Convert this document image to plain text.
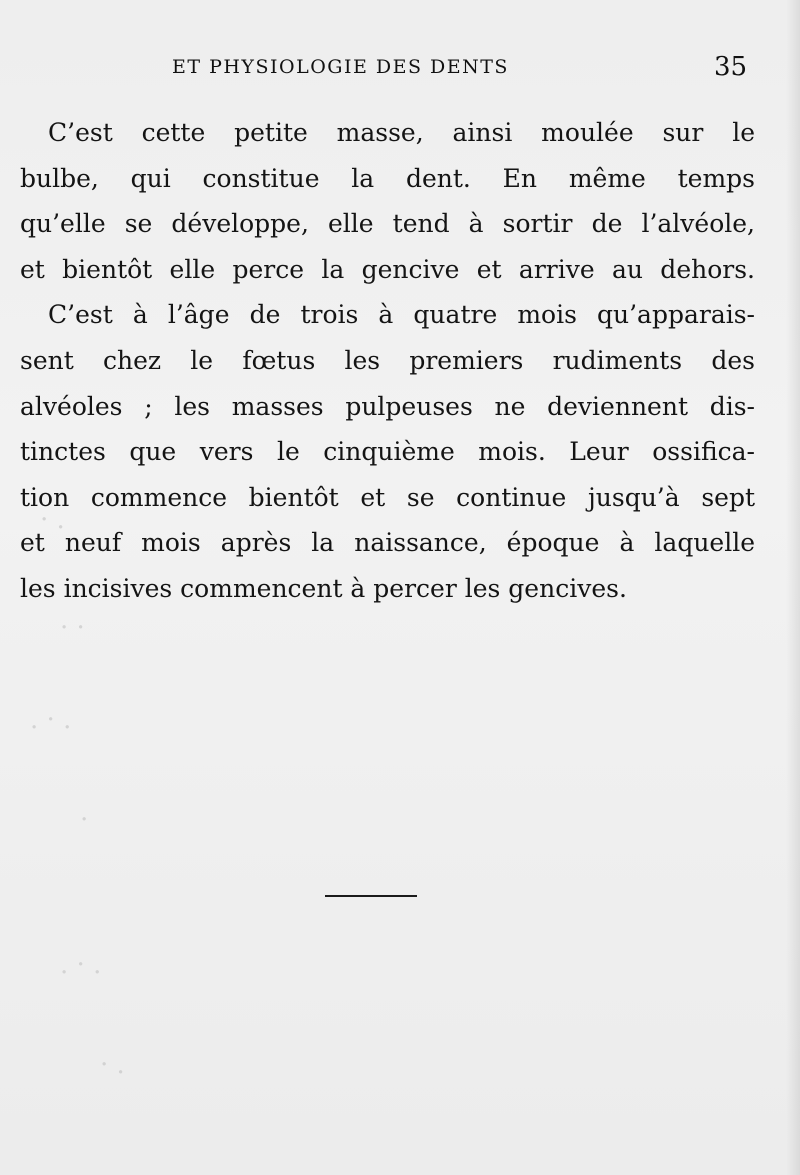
. ·
. .
. · .
·
. · .
. ·
ET PHYSIOLOGIE DES DENTS	35
C’est cette petite masse, ainsi moulée sur le
bulbe, qui constitue la dent. En même temps
qu’elle se développe, elle tend à sortir de l’alvéole,
et bientôt elle perce la gencive et arrive au dehors.
C’est à l’âge de trois à quatre mois qu’apparais-
sent chez le fœtus les premiers rudiments des
alvéoles ; les masses pulpeuses ne deviennent dis-
tinctes que vers le cinquième mois. Leur ossifica-
tion commence bientôt et se continue jusqu’à sept
et neuf mois après la naissance, époque à laquelle
les incisives commencent à percer les gencives.
